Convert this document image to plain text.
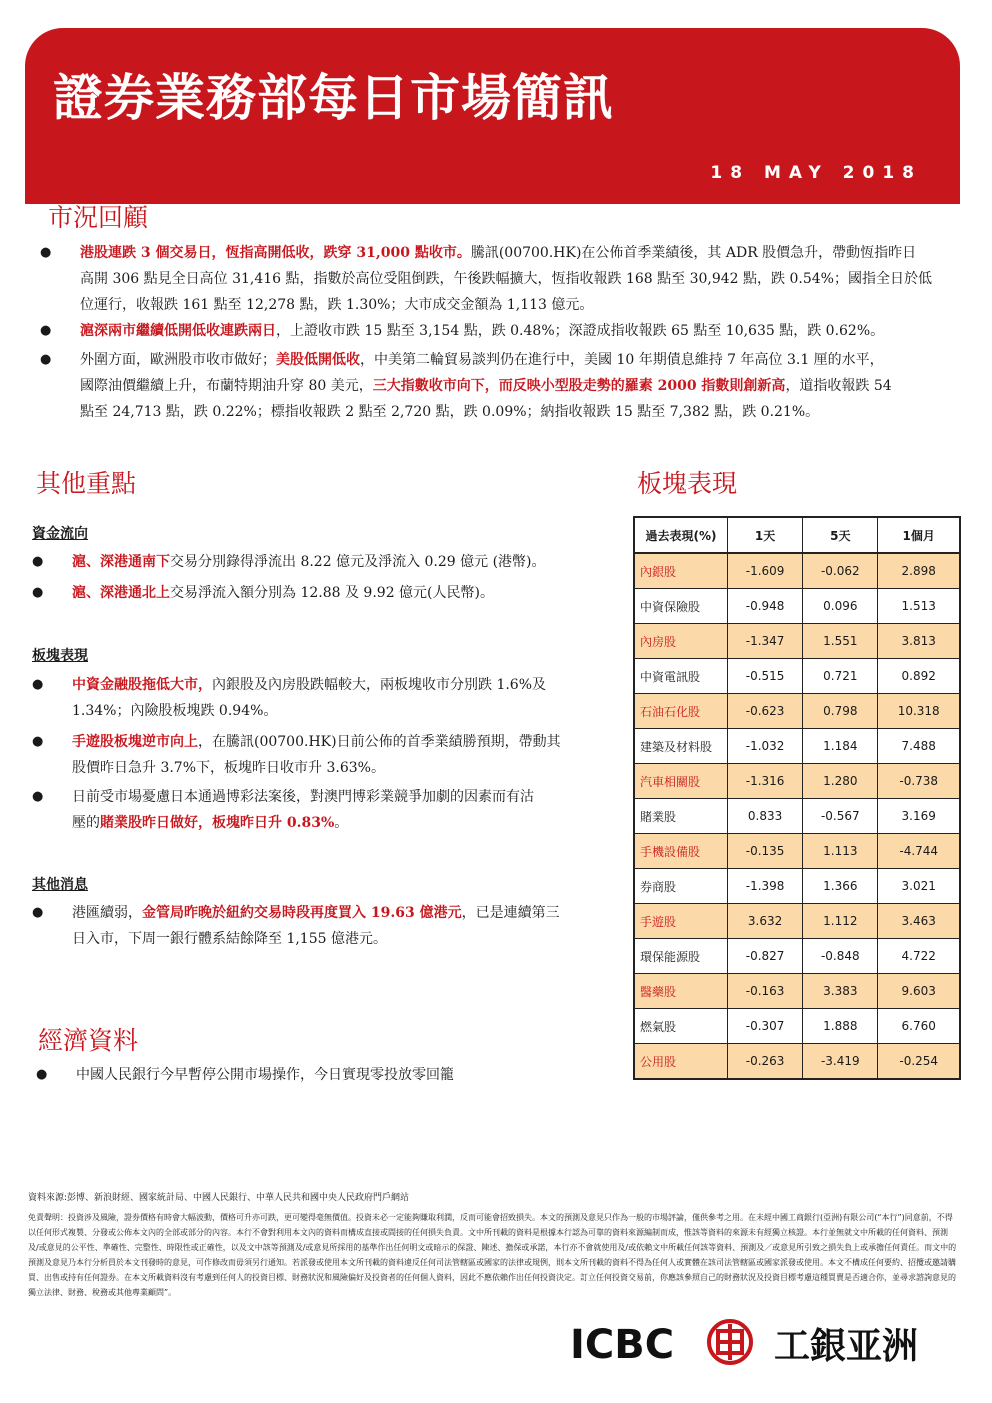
證券業務部每日市場簡訊
18 MAY 2018
市況回顧
● 港股連跌 3 個交易日，恆指高開低收，跌穿 31,000 點收市。騰訊(00700.HK)在公佈首季業績後，其 ADR 股價急升，帶動恆指昨日
高開 306 點見全日高位 31,416 點，指數於高位受阻倒跌，午後跌幅擴大，恆指收報跌 168 點至 30,942 點，跌 0.54%；國指全日於低
位運行，收報跌 161 點至 12,278 點，跌 1.30%；大市成交金額為 1,113 億元。
● 滬深兩市繼續低開低收連跌兩日，上證收市跌 15 點至 3,154 點，跌 0.48%；深證成指收報跌 65 點至 10,635 點，跌 0.62%。
● 外圍方面，歐洲股市收市做好；美股低開低收，中美第二輪貿易談判仍在進行中，美國 10 年期債息維持 7 年高位 3.1 厘的水平，
國際油價繼續上升，布蘭特期油升穿 80 美元，三大指數收市向下，而反映小型股走勢的羅素 2000 指數則創新高，道指收報跌 54
點至 24,713 點，跌 0.22%；標指收報跌 2 點至 2,720 點，跌 0.09%；納指收報跌 15 點至 7,382 點，跌 0.21%。
其他重點
資金流向
● 滬、深港通南下交易分別錄得淨流出 8.22 億元及淨流入 0.29 億元 (港幣)。
● 滬、深港通北上交易淨流入額分別為 12.88 及 9.92 億元(人民幣)。
板塊表現
● 中資金融股拖低大市，內銀股及內房股跌幅較大，兩板塊收市分別跌 1.6%及
1.34%；內險股板塊跌 0.94%。
● 手遊股板塊逆市向上，在騰訊(00700.HK)日前公佈的首季業績勝預期，帶動其
股價昨日急升 3.7%下，板塊昨日收市升 3.63%。
● 日前受市場憂慮日本通過博彩法案後，對澳門博彩業競爭加劇的因素而有沽
壓的賭業股昨日做好，板塊昨日升 0.83%。
其他消息
● 港匯續弱，金管局昨晚於紐約交易時段再度買入 19.63 億港元，已是連續第三
日入市，下周一銀行體系結餘降至 1,155 億港元。
經濟資料
● 中國人民銀行今早暫停公開市場操作，今日實現零投放零回籠
板塊表現
過去表現(%)	1天	5天	1個月
內銀股	-1.609	-0.062	2.898
中資保險股	-0.948	0.096	1.513
內房股	-1.347	1.551	3.813
中資電訊股	-0.515	0.721	0.892
石油石化股	-0.623	0.798	10.318
建築及材料股	-1.032	1.184	7.488
汽車相關股	-1.316	1.280	-0.738
賭業股	0.833	-0.567	3.169
手機設備股	-0.135	1.113	-4.744
券商股	-1.398	1.366	3.021
手遊股	3.632	1.112	3.463
環保能源股	-0.827	-0.848	4.722
醫藥股	-0.163	3.383	9.603
燃氣股	-0.307	1.888	6.760
公用股	-0.263	-3.419	-0.254
資料來源:彭博、新浪財經、國家統計局、中國人民銀行、中華人民共和國中央人民政府門戶網站
免責聲明：投資涉及風險，證券價格有時會大幅波動，價格可升亦可跌，更可變得毫無價值。投資未必一定能夠賺取利潤，反而可能會招致損失。本文的預測及意見只作為一般的市場評論，僅供參考之用。在未經中國工商銀行(亞洲)有限公司(“本行”)同意前，不得以任何形式複製、分發或公佈本文內的全部或部分的內容。本行不會對利用本文內的資料而構成直接或間接的任何損失負責。文中所刊載的資料是根據本行認為可靠的資料來源編制而成，惟該等資料的來源未有經獨立核證。本行並無就文中所載的任何資料、預測及/或意見的公平性、準確性、完整性、時限性或正確性，以及文中該等預測及/或意見所採用的基準作出任何明文或暗示的保證、陳述、擔保或承諾，本行亦不會就使用及/或依賴文中所載任何該等資料、預測及／或意見所引致之損失負上或承擔任何責任。而文中的預測及意見乃本行分析員於本文刊發時的意見，可作修改而毋須另行通知。若派發或使用本文所刊載的資料違反任何司法管轄區或國家的法律或規例，則本文所刊載的資料不得為任何人或實體在該司法管轄區或國家派發或使用。本文不構成任何要約、招攬或邀請購買、出售或持有任何證券。在本文所載資料沒有考慮到任何人的投資目標、財務狀況和風險偏好及投資者的任何個人資料，因此不應依賴作出任何投資決定。訂立任何投資交易前，你應該參照自己的財務狀況及投資目標考慮這種買賣是否適合你，並尋求諮詢意見的獨立法律、財務、稅務或其他專業顧問”。
ICBC	工銀亚洲
